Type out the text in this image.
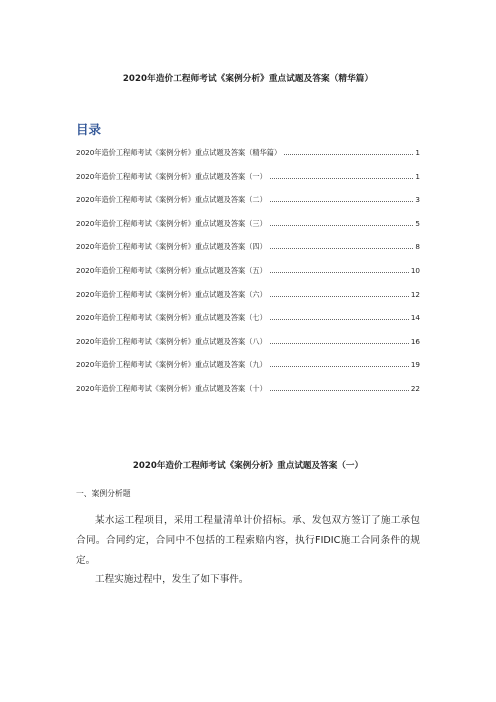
2020年造价工程师考试《案例分析》重点试题及答案（精华篇）
目录
2020年造价工程师考试《案例分析》重点试题及答案（精华篇）	1
2020年造价工程师考试《案例分析》重点试题及答案（一）	1
2020年造价工程师考试《案例分析》重点试题及答案（二）	3
2020年造价工程师考试《案例分析》重点试题及答案（三）	5
2020年造价工程师考试《案例分析》重点试题及答案（四）	8
2020年造价工程师考试《案例分析》重点试题及答案（五）	10
2020年造价工程师考试《案例分析》重点试题及答案（六）	12
2020年造价工程师考试《案例分析》重点试题及答案（七）	14
2020年造价工程师考试《案例分析》重点试题及答案（八）	16
2020年造价工程师考试《案例分析》重点试题及答案（九）	19
2020年造价工程师考试《案例分析》重点试题及答案（十）	22
2020年造价工程师考试《案例分析》重点试题及答案（一）
一、案例分析题

某水运工程项目，采用工程量清单计价招标。承、发包双方签订了施工承包合同。合同约定，合同中不包括的工程索赔内容，执行FIDIC施工合同条件的规定。

工程实施过程中，发生了如下事件。
